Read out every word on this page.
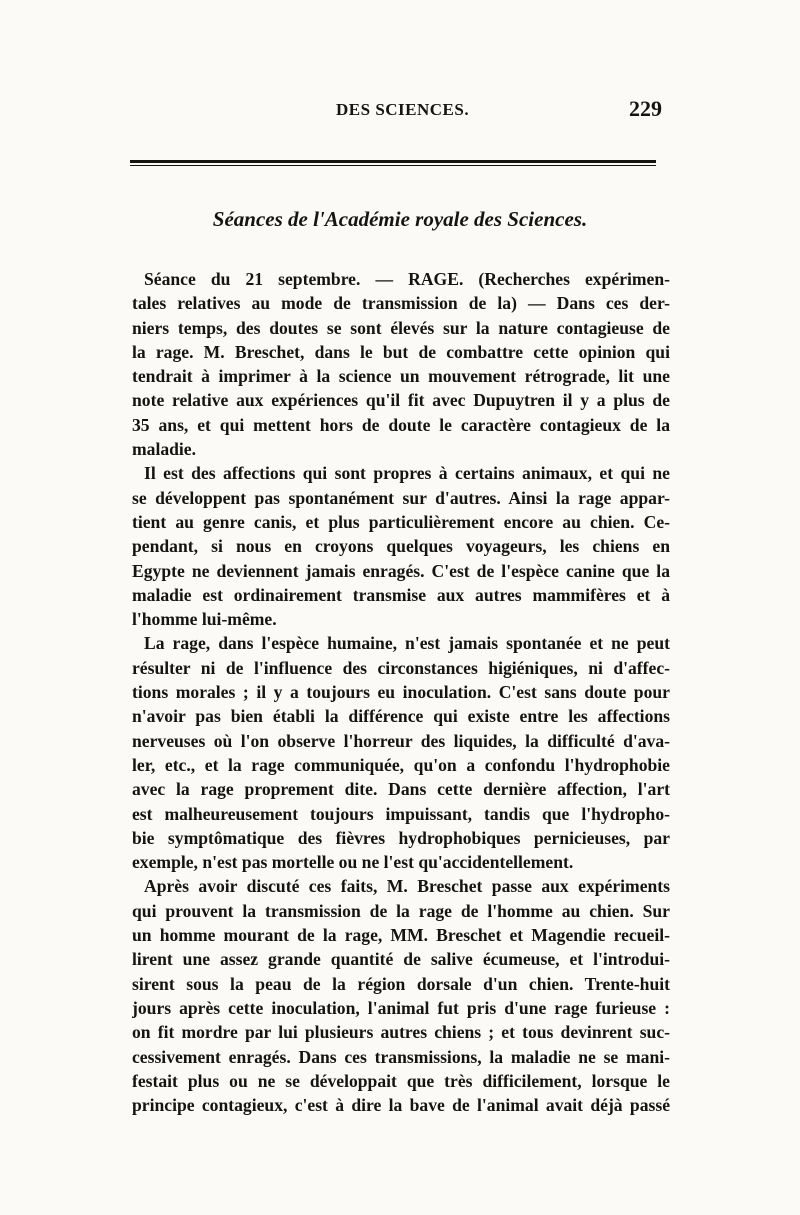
DES SCIENCES.	229
Séances de l'Académie royale des Sciences.
Séance du 21 septembre. — RAGE. (Recherches expérimen-
tales relatives au mode de transmission de la) — Dans ces der-
niers temps, des doutes se sont élevés sur la nature contagieuse de
la rage. M. Breschet, dans le but de combattre cette opinion qui
tendrait à imprimer à la science un mouvement rétrograde, lit une
note relative aux expériences qu'il fit avec Dupuytren il y a plus de
35 ans, et qui mettent hors de doute le caractère contagieux de la
maladie.
Il est des affections qui sont propres à certains animaux, et qui ne
se développent pas spontanément sur d'autres. Ainsi la rage appar-
tient au genre canis, et plus particulièrement encore au chien. Ce-
pendant, si nous en croyons quelques voyageurs, les chiens en
Egypte ne deviennent jamais enragés. C'est de l'espèce canine que la
maladie est ordinairement transmise aux autres mammifères et à
l'homme lui-même.
La rage, dans l'espèce humaine, n'est jamais spontanée et ne peut
résulter ni de l'influence des circonstances higiéniques, ni d'affec-
tions morales ; il y a toujours eu inoculation. C'est sans doute pour
n'avoir pas bien établi la différence qui existe entre les affections
nerveuses où l'on observe l'horreur des liquides, la difficulté d'ava-
ler, etc., et la rage communiquée, qu'on a confondu l'hydrophobie
avec la rage proprement dite. Dans cette dernière affection, l'art
est malheureusement toujours impuissant, tandis que l'hydropho-
bie symptômatique des fièvres hydrophobiques pernicieuses, par
exemple, n'est pas mortelle ou ne l'est qu'accidentellement.
Après avoir discuté ces faits, M. Breschet passe aux expériments
qui prouvent la transmission de la rage de l'homme au chien. Sur
un homme mourant de la rage, MM. Breschet et Magendie recueil-
lirent une assez grande quantité de salive écumeuse, et l'introdui-
sirent sous la peau de la région dorsale d'un chien. Trente-huit
jours après cette inoculation, l'animal fut pris d'une rage furieuse :
on fit mordre par lui plusieurs autres chiens ; et tous devinrent suc-
cessivement enragés. Dans ces transmissions, la maladie ne se mani-
festait plus ou ne se développait que très difficilement, lorsque le
principe contagieux, c'est à dire la bave de l'animal avait déjà passé
